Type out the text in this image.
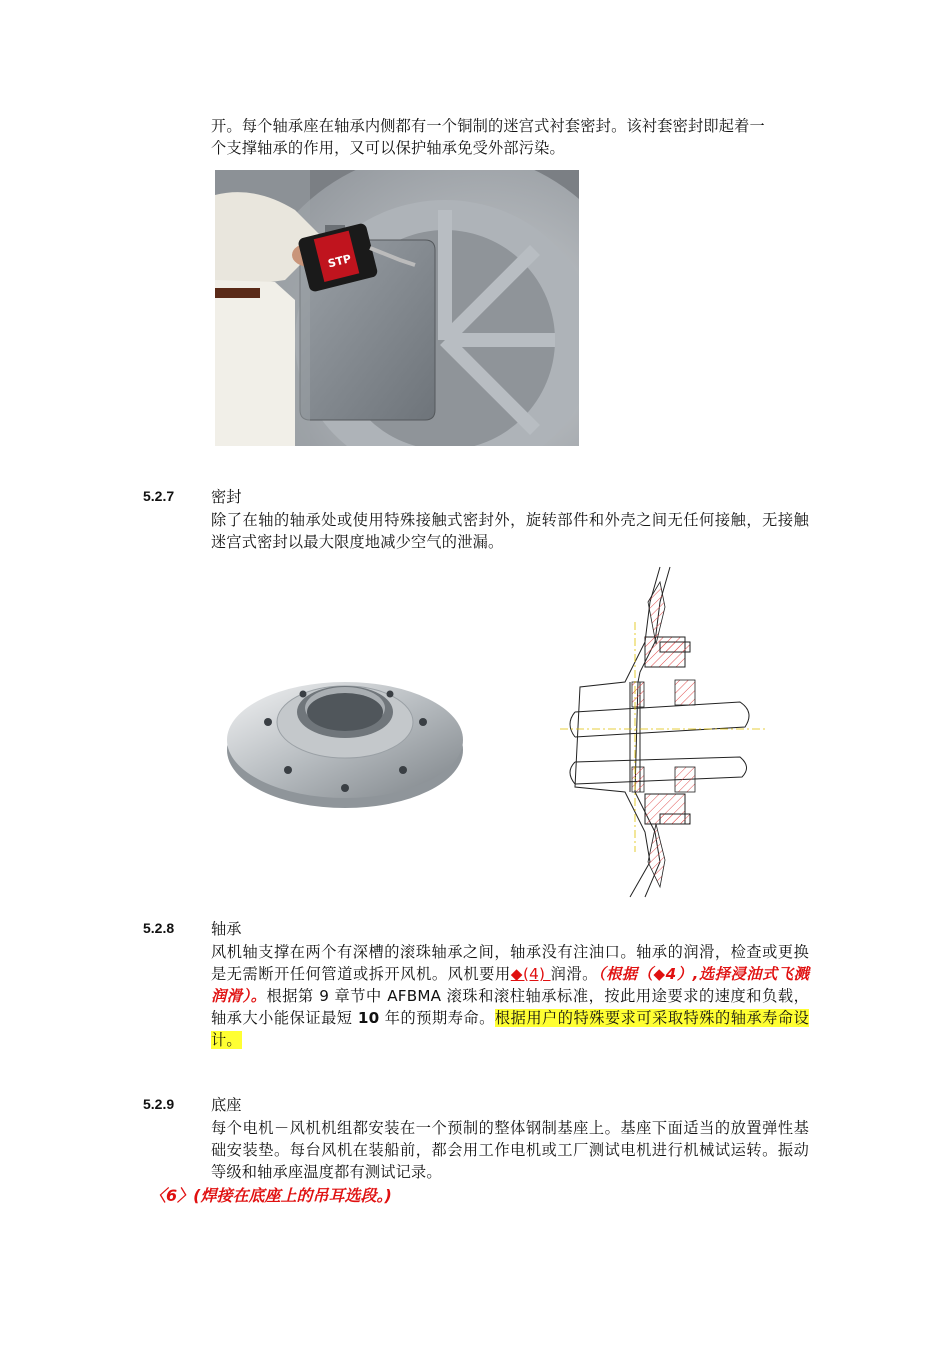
开。每个轴承座在轴承内侧都有一个铜制的迷宫式衬套密封。该衬套密封即起着一
个支撑轴承的作用，又可以保护轴承免受外部污染。
STP
5.2.7 密封
除了在轴的轴承处或使用特殊接触式密封外，旋转部件和外壳之间无任何接触，无接触迷宫式密封以最大限度地减少空气的泄漏。
5.2.8 轴承
风机轴支撑在两个有深槽的滚珠轴承之间，轴承没有注油口。轴承的润滑，检查或更换是无需断开任何管道或拆开风机。风机要用◆(4) 润滑。（根据（◆4）,选择浸油式飞溅润滑）。根据第 9 章节中 AFBMA 滚珠和滚柱轴承标准，按此用途要求的速度和负载，轴承大小能保证最短 10 年的预期寿命。根据用户的特殊要求可采取特殊的轴承寿命设计。
5.2.9 底座
每个电机－风机机组都安装在一个预制的整体钢制基座上。基座下面适当的放置弹性基础安装垫。每台风机在装船前，都会用工作电机或工厂测试电机进行机械试运转。振动等级和轴承座温度都有测试记录。
〈6〉(焊接在底座上的吊耳选段。)
